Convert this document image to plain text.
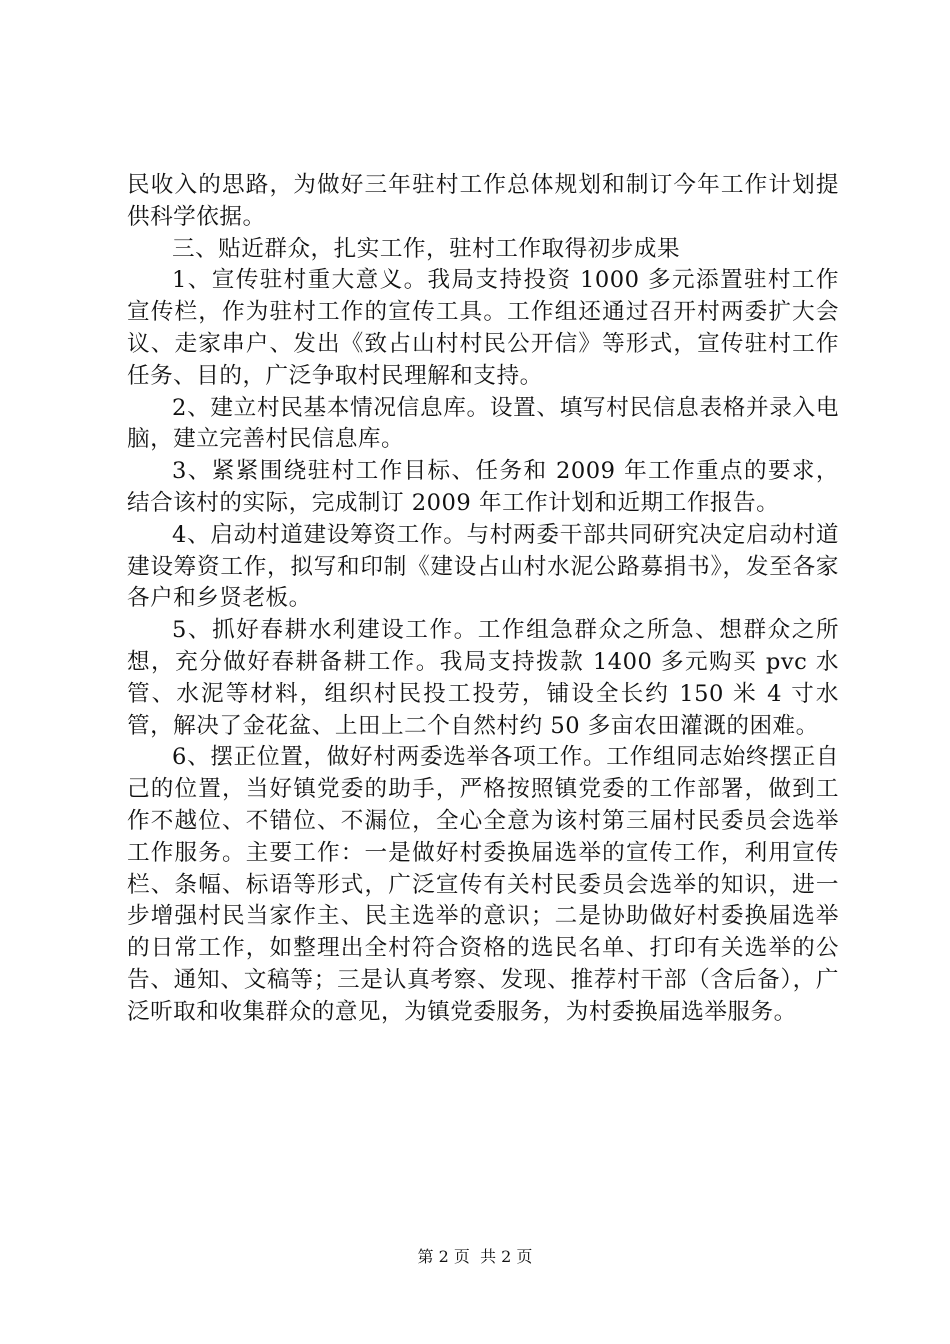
民收入的思路，为做好三年驻村工作总体规划和制订今年工作计划提供科学依据。

三、贴近群众，扎实工作，驻村工作取得初步成果

1、宣传驻村重大意义。我局支持投资 1000 多元添置驻村工作宣传栏，作为驻村工作的宣传工具。工作组还通过召开村两委扩大会议、走家串户、发出《致占山村村民公开信》等形式，宣传驻村工作任务、目的，广泛争取村民理解和支持。

2、建立村民基本情况信息库。设置、填写村民信息表格并录入电脑，建立完善村民信息库。

3、紧紧围绕驻村工作目标、任务和 2009 年工作重点的要求，结合该村的实际，完成制订 2009 年工作计划和近期工作报告。

4、启动村道建设筹资工作。与村两委干部共同研究决定启动村道建设筹资工作，拟写和印制《建设占山村水泥公路募捐书》，发至各家各户和乡贤老板。

5、抓好春耕水利建设工作。工作组急群众之所急、想群众之所想，充分做好春耕备耕工作。我局支持拨款 1400 多元购买 pvc 水管、水泥等材料，组织村民投工投劳，铺设全长约 150 米 4 寸水管，解决了金花盆、上田上二个自然村约 50 多亩农田灌溉的困难。

6、摆正位置，做好村两委选举各项工作。工作组同志始终摆正自己的位置，当好镇党委的助手，严格按照镇党委的工作部署，做到工作不越位、不错位、不漏位，全心全意为该村第三届村民委员会选举工作服务。主要工作：一是做好村委换届选举的宣传工作，利用宣传栏、条幅、标语等形式，广泛宣传有关村民委员会选举的知识，进一步增强村民当家作主、民主选举的意识；二是协助做好村委换届选举的日常工作，如整理出全村符合资格的选民名单、打印有关选举的公告、通知、文稿等；三是认真考察、发现、推荐村干部（含后备），广泛听取和收集群众的意见，为镇党委服务，为村委换届选举服务。

第 2 页  共 2 页
